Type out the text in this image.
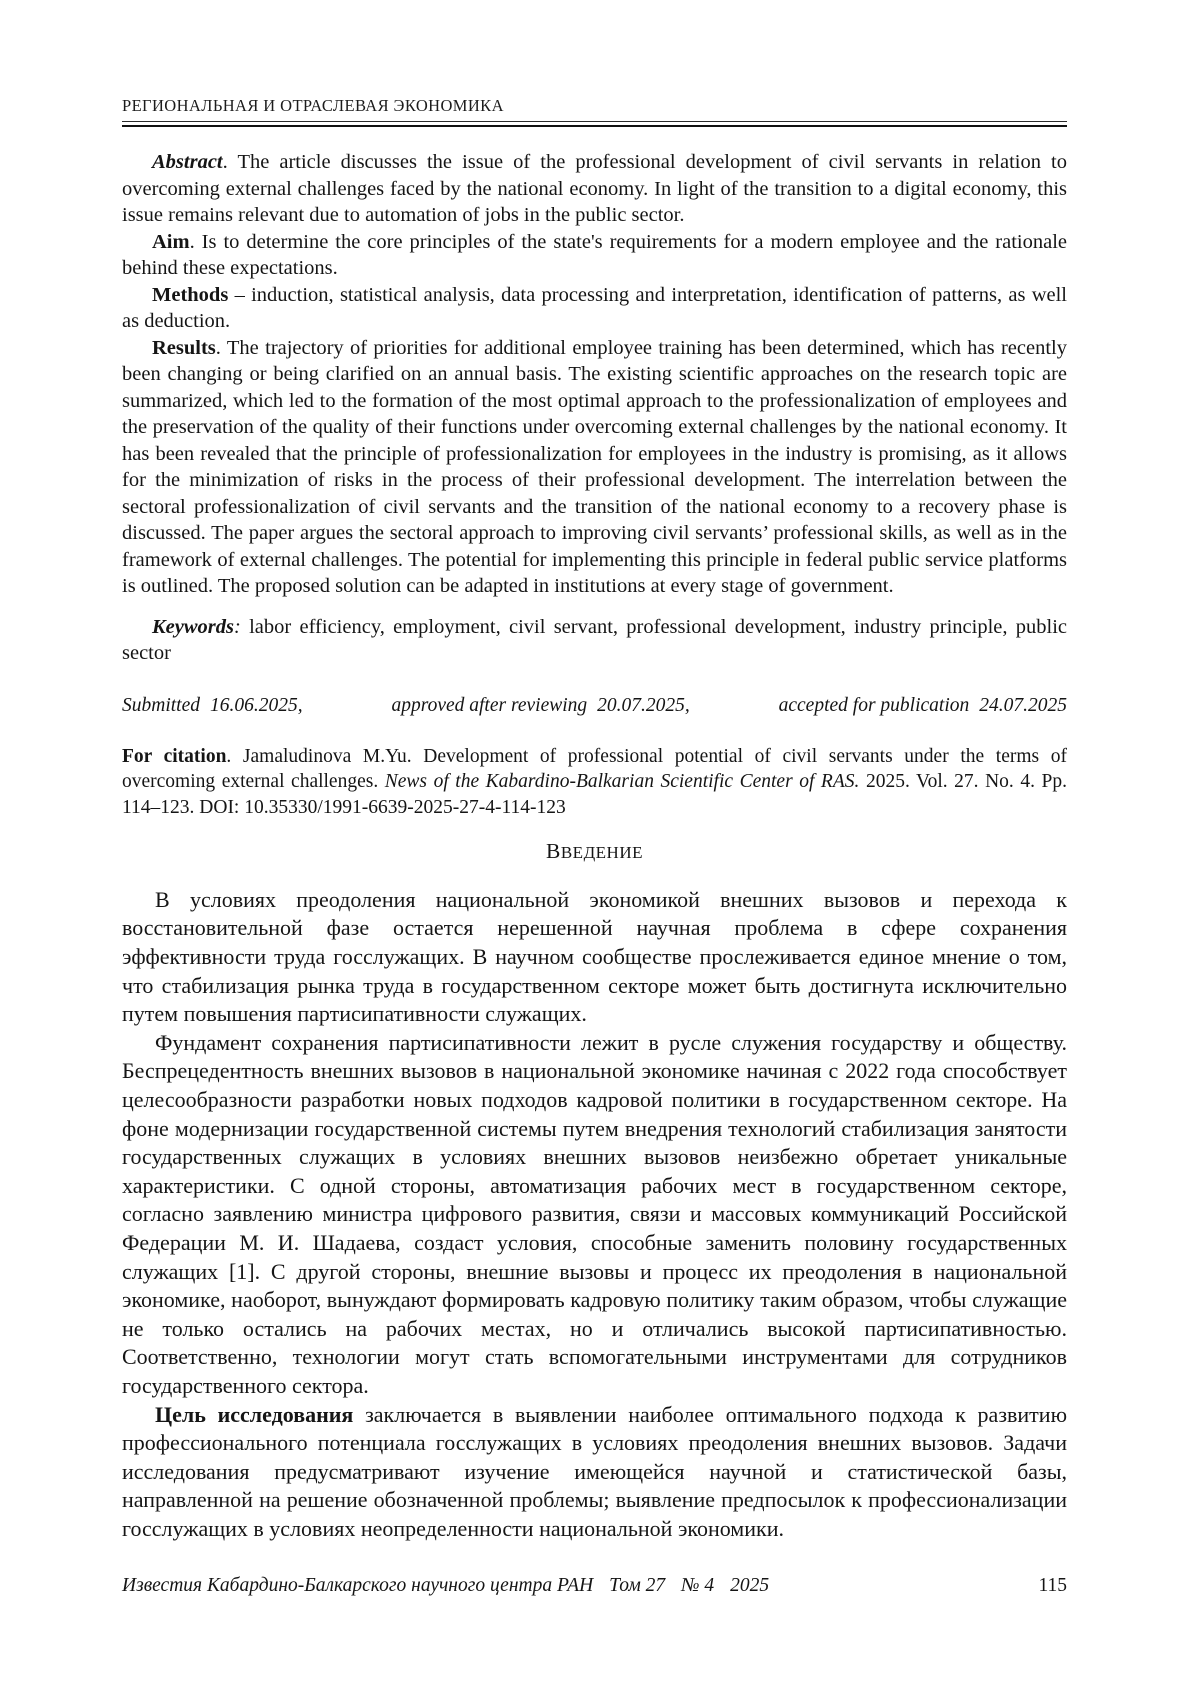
РЕГИОНАЛЬНАЯ И ОТРАСЛЕВАЯ ЭКОНОМИКА

Abstract. The article discusses the issue of the professional development of civil servants in relation to overcoming external challenges faced by the national economy. In light of the transition to a digital economy, this issue remains relevant due to automation of jobs in the public sector.

Aim. Is to determine the core principles of the state's requirements for a modern employee and the rationale behind these expectations.

Methods – induction, statistical analysis, data processing and interpretation, identification of patterns, as well as deduction.

Results. The trajectory of priorities for additional employee training has been determined, which has recently been changing or being clarified on an annual basis. The existing scientific approaches on the research topic are summarized, which led to the formation of the most optimal approach to the professionalization of employees and the preservation of the quality of their functions under overcoming external challenges by the national economy. It has been revealed that the principle of professionalization for employees in the industry is promising, as it allows for the minimization of risks in the process of their professional development. The interrelation between the sectoral professionalization of civil servants and the transition of the national economy to a recovery phase is discussed. The paper argues the sectoral approach to improving civil servants’ professional skills, as well as in the framework of external challenges. The potential for implementing this principle in federal public service platforms is outlined. The proposed solution can be adapted in institutions at every stage of government.

Keywords: labor efficiency, employment, civil servant, professional development, industry principle, public sector

Submitted 16.06.2025,	approved after reviewing 20.07.2025,	accepted for publication 24.07.2025

For citation. Jamaludinova M.Yu. Development of professional potential of civil servants under the terms of overcoming external challenges. News of the Kabardino-Balkarian Scientific Center of RAS. 2025. Vol. 27. No. 4. Pp. 114–123. DOI: 10.35330/1991-6639-2025-27-4-114-123

ВВЕДЕНИЕ

В условиях преодоления национальной экономикой внешних вызовов и перехода к восстановительной фазе остается нерешенной научная проблема в сфере сохранения эффективности труда госслужащих. В научном сообществе прослеживается единое мнение о том, что стабилизация рынка труда в государственном секторе может быть достигнута исключительно путем повышения партисипативности служащих.

Фундамент сохранения партисипативности лежит в русле служения государству и обществу. Беспрецедентность внешних вызовов в национальной экономике начиная с 2022 года способствует целесообразности разработки новых подходов кадровой политики в государственном секторе. На фоне модернизации государственной системы путем внедрения технологий стабилизация занятости государственных служащих в условиях внешних вызовов неизбежно обретает уникальные характеристики. С одной стороны, автоматизация рабочих мест в государственном секторе, согласно заявлению министра цифрового развития, связи и массовых коммуникаций Российской Федерации М. И. Шадаева, создаст условия, способные заменить половину государственных служащих [1]. С другой стороны, внешние вызовы и процесс их преодоления в национальной экономике, наоборот, вынуждают формировать кадровую политику таким образом, чтобы служащие не только остались на рабочих местах, но и отличались высокой партисипативностью. Соответственно, технологии могут стать вспомогательными инструментами для сотрудников государственного сектора.

Цель исследования заключается в выявлении наиболее оптимального подхода к развитию профессионального потенциала госслужащих в условиях преодоления внешних вызовов. Задачи исследования предусматривают изучение имеющейся научной и статистической базы, направленной на решение обозначенной проблемы; выявление предпосылок к профессионализации госслужащих в условиях неопределенности национальной экономики.

Известия Кабардино-Балкарского научного центра РАН Том 27 № 4 2025	115
